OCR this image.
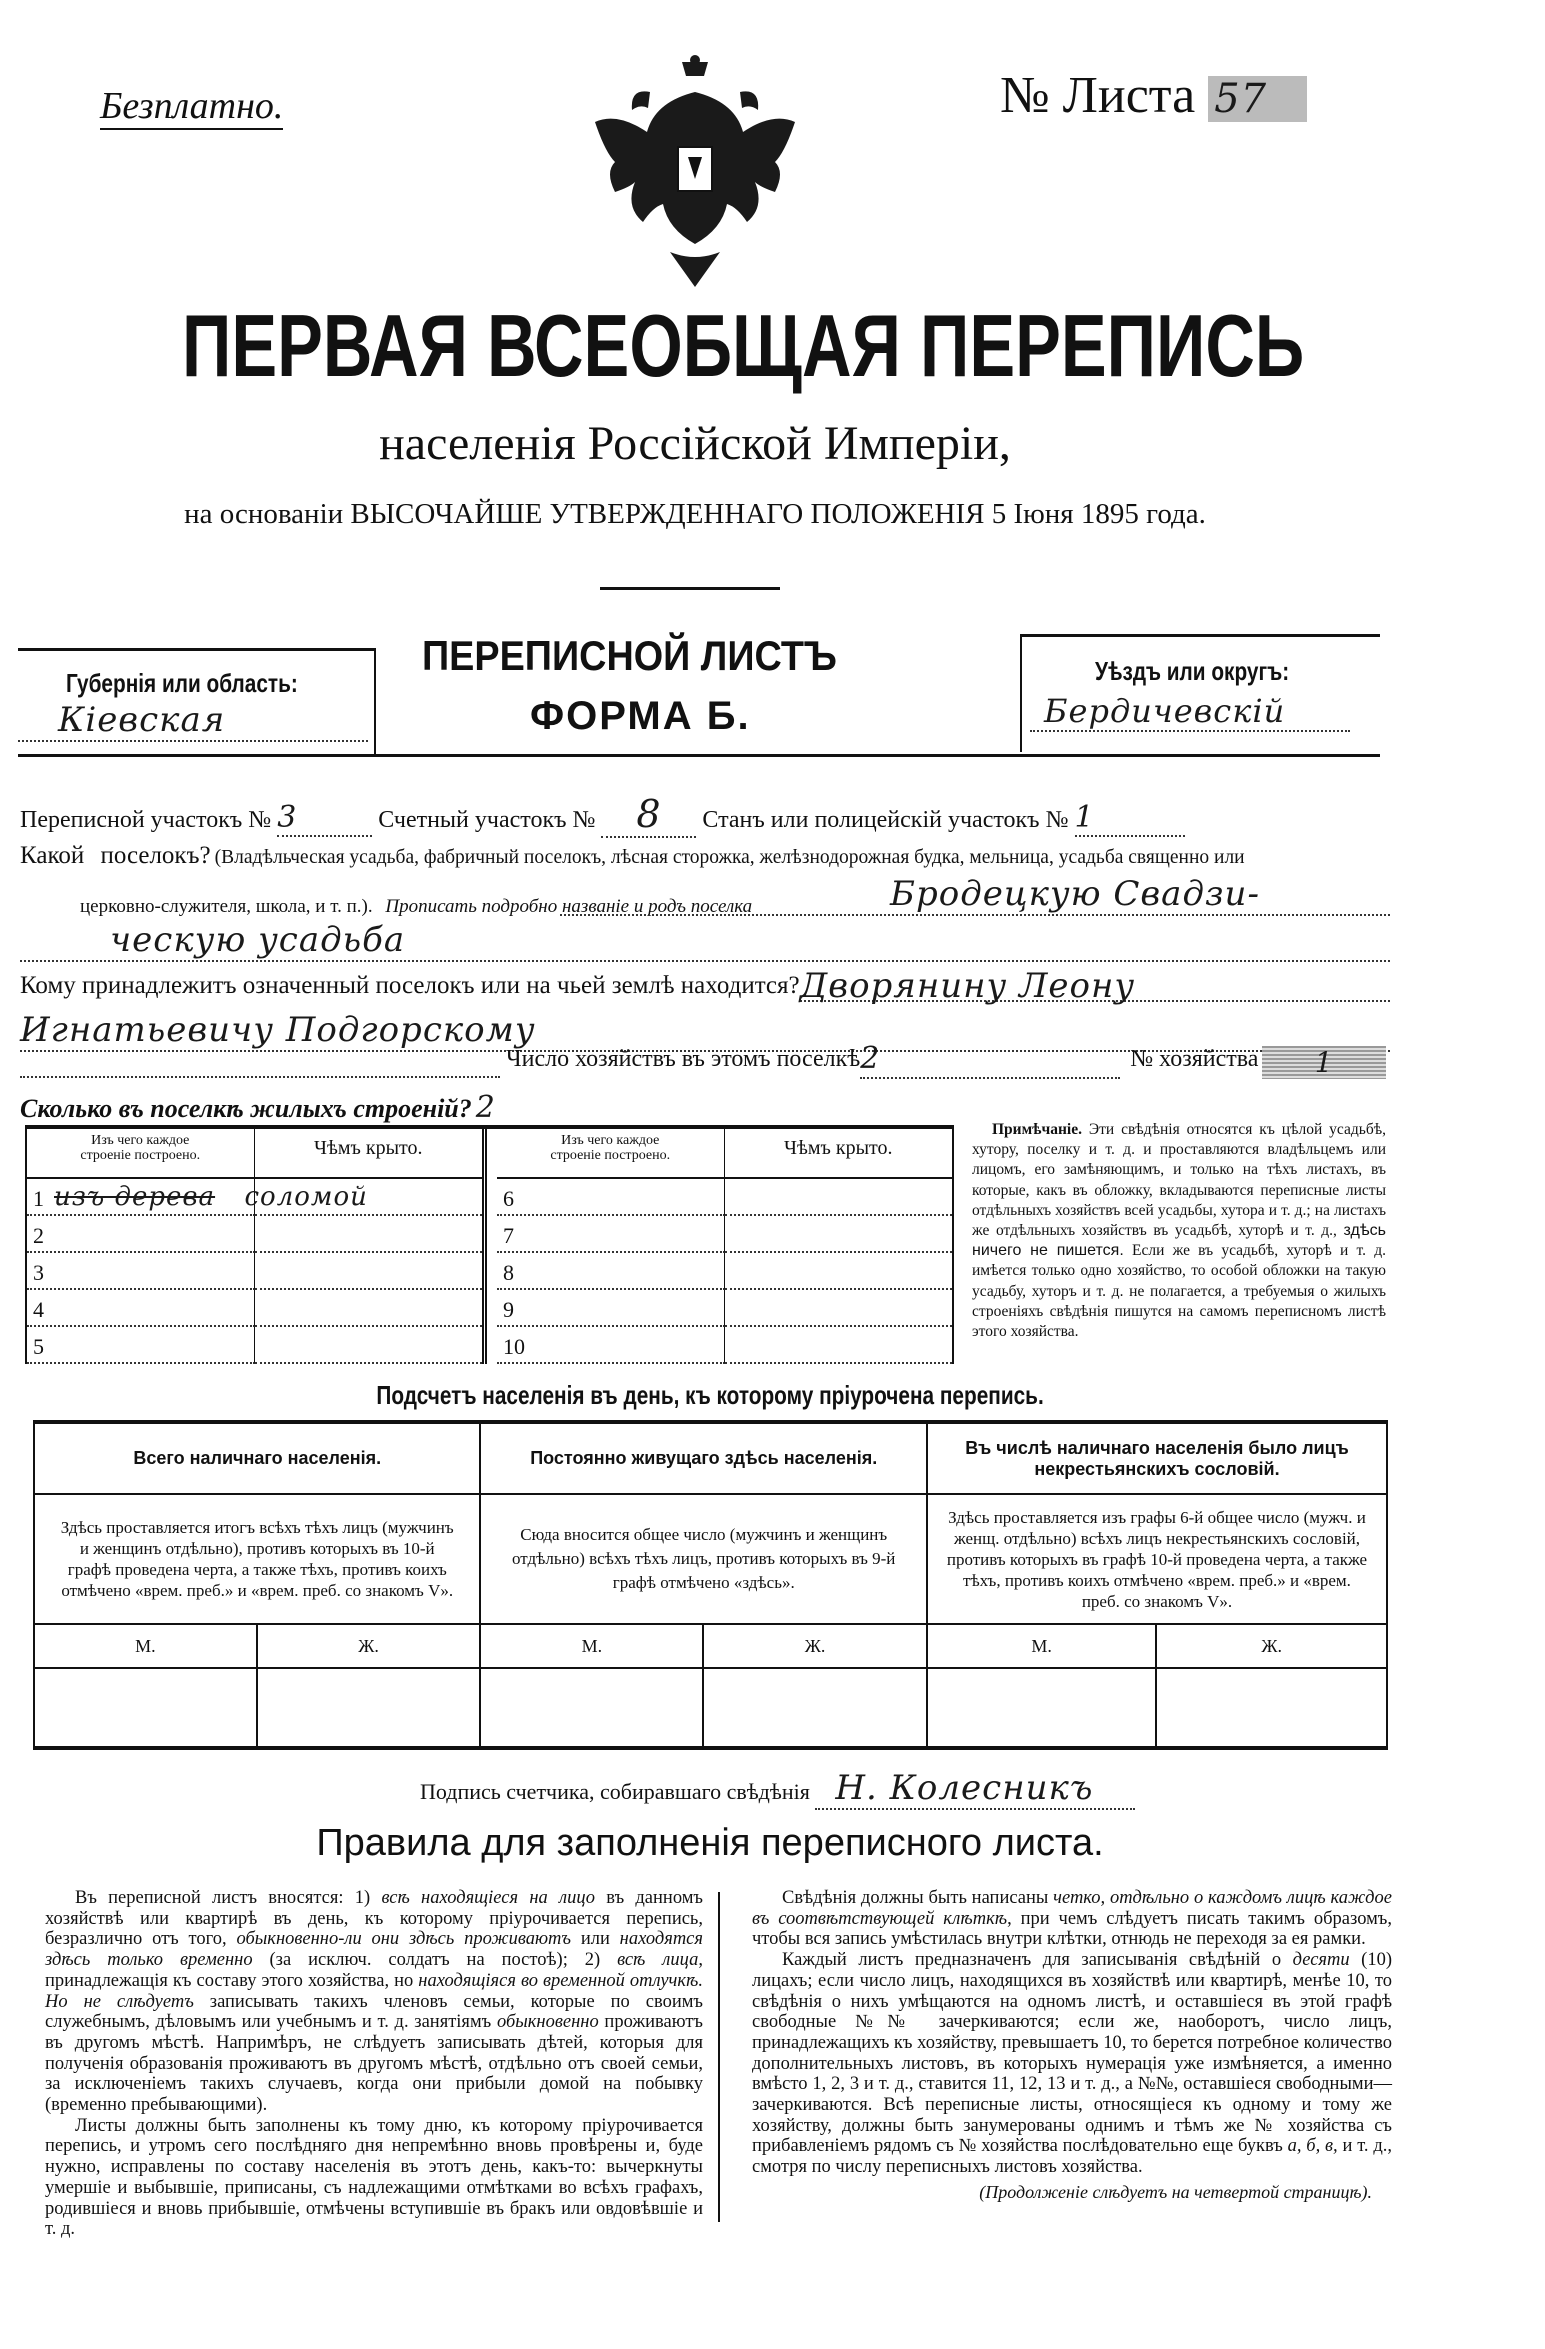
Безплатно.	№ Листа 57
ПЕРВАЯ ВСЕОБЩАЯ ПЕРЕПИСЬ
населенія Россійской Имперіи,
на основаніи ВЫСОЧАЙШЕ УТВЕРЖДЕННАГО ПОЛОЖЕНІЯ 5 Іюня 1895 года.
Губернія или область:
Кіевская
ПЕРЕПИСНОЙ ЛИСТЪ
ФОРМА Б.
Уѣздъ или округъ:
Бердичевскій
Переписной участокъ № 3	Счетный участокъ № 8 Станъ или полицейскій участокъ № 1
Какой поселокъ? (Владѣльческая усадьба, фабричный поселокъ, лѣсная сторожка, желѣзнодорожная будка, мельница, усадьба священно или
церковно-служителя, школа, и т. п.). Прописать подробно названіе и родъ поселка	Бродецкую Свадзи-
ческую усадьба
Кому принадлежитъ означенный поселокъ или на чьей землѣ находится? Дворянину Леону
Игнатьевичу Подгорскому
Число хозяйствъ въ этомъ поселкѣ 2	№ хозяйства	1
Сколько въ поселкѣ жилыхъ строеній? 2
Изъ чего каждое строеніе построено.	Чѣмъ крыто.
1 изъ дерева соломой
2
3
4
5
Изъ чего каждое строеніе построено.	Чѣмъ крыто.
6
7
8
9
10
Примѣчаніе. Эти свѣдѣнія относятся къ цѣлой усадьбѣ, хутору, поселку и т. д. и проставляются владѣльцемъ или лицомъ, его замѣняющимъ, и только на тѣхъ листахъ, въ которые, какъ въ обложку, вкладываются переписные листы отдѣльныхъ хозяйствъ всей усадьбы, хутора и т. д.; на листахъ же отдѣльныхъ хозяйствъ въ усадьбѣ, хуторѣ и т. д., здѣсь ничего не пишется. Если же въ усадьбѣ, хуторѣ и т. д. имѣется только одно хозяйство, то особой обложки на такую усадьбу, хуторъ и т. д. не полагается, а требуемыя о жилыхъ строеніяхъ свѣдѣнія пишутся на самомъ переписномъ листѣ этого хозяйства.
Подсчетъ населенія въ день, къ которому пріурочена перепись.
Всего наличнаго населенія.		Постоянно живущаго здѣсь населенія.		Въ числѣ наличнаго населенія было лицъ некрестьянскихъ сословій.	

Здѣсь проставляется итогъ всѣхъ тѣхъ лицъ (мужчинъ и женщинъ отдѣльно), противъ которыхъ въ 10-й графѣ проведена черта, а также тѣхъ, противъ коихъ отмѣчено «врем. преб.» и «врем. преб. со знакомъ V».		Сюда вносится общее число (мужчинъ и женщинъ отдѣльно) всѣхъ тѣхъ лицъ, противъ которыхъ въ 9-й графѣ отмѣчено «здѣсь».		Здѣсь проставляется изъ графы 6-й общее число (мужч. и женщ. отдѣльно) всѣхъ лицъ некрестьянскихъ сословій, противъ которыхъ въ графѣ 10-й проведена черта, а также тѣхъ, противъ коихъ отмѣчено «врем. преб.» и «врем. преб. со знакомъ V».	
М.	Ж.	М.	Ж.	М.	Ж.

Подпись счетчика, собиравшаго свѣдѣнія Н. Колесникъ
Правила для заполненія переписного листа.

Въ переписной листъ вносятся: 1) всѣ находящіеся на лицо въ данномъ хозяйствѣ или квартирѣ въ день, къ которому пріурочивается перепись, безразлично отъ того, обыкновенно-ли они здѣсь проживаютъ или находятся здѣсь только временно (за исключ. солдатъ на постоѣ); 2) всѣ лица, принадлежащія къ составу этого хозяйства, но находящіяся во временной отлучкѣ. Но не слѣдуетъ записывать такихъ членовъ семьи, которые по своимъ служебнымъ, дѣловымъ или учебнымъ и т. д. занятіямъ обыкновенно проживаютъ въ другомъ мѣстѣ. Напримѣръ, не слѣдуетъ записывать дѣтей, которыя для полученія образованія проживаютъ въ другомъ мѣстѣ, отдѣльно отъ своей семьи, за исключеніемъ такихъ случаевъ, когда они прибыли домой на побывку (временно пребывающими).

Листы должны быть заполнены къ тому дню, къ которому пріурочивается перепись, и утромъ сего послѣдняго дня непремѣнно вновь провѣрены и, буде нужно, исправлены по составу населенія въ этотъ день, какъ-то: вычеркнуты умершіе и выбывшіе, приписаны, съ надлежащими отмѣтками во всѣхъ графахъ, родившіеся и вновь прибывшіе, отмѣчены вступившіе въ бракъ или овдовѣвшіе и т. д.

Свѣдѣнія должны быть написаны четко, отдѣльно о каждомъ лицѣ каждое въ соотвѣтствующей клѣткѣ, при чемъ слѣдуетъ писать такимъ образомъ, чтобы вся запись умѣстилась внутри клѣтки, отнюдь не переходя за ея рамки.

Каждый листъ предназначенъ для записыванія свѣдѣній о десяти (10) лицахъ; если число лицъ, находящихся въ хозяйствѣ или квартирѣ, менѣе 10, то свѣдѣнія о нихъ умѣщаются на одномъ листѣ, и оставшіеся въ этой графѣ свободные №№ зачеркиваются; если же, наоборотъ, число лицъ, принадлежащихъ къ хозяйству, превышаетъ 10, то берется потребное количество дополнительныхъ листовъ, въ которыхъ нумерація уже измѣняется, а именно вмѣсто 1, 2, 3 и т. д., ставится 11, 12, 13 и т. д., а №№, оставшіеся свободными—зачеркиваются. Всѣ переписные листы, относящіеся къ одному и тому же хозяйству, должны быть занумерованы однимъ и тѣмъ же № хозяйства съ прибавленіемъ рядомъ съ № хозяйства послѣдовательно еще буквъ а, б, в, и т. д., смотря по числу переписныхъ листовъ хозяйства.

(Продолженіе слѣдуетъ на четвертой страницѣ).
